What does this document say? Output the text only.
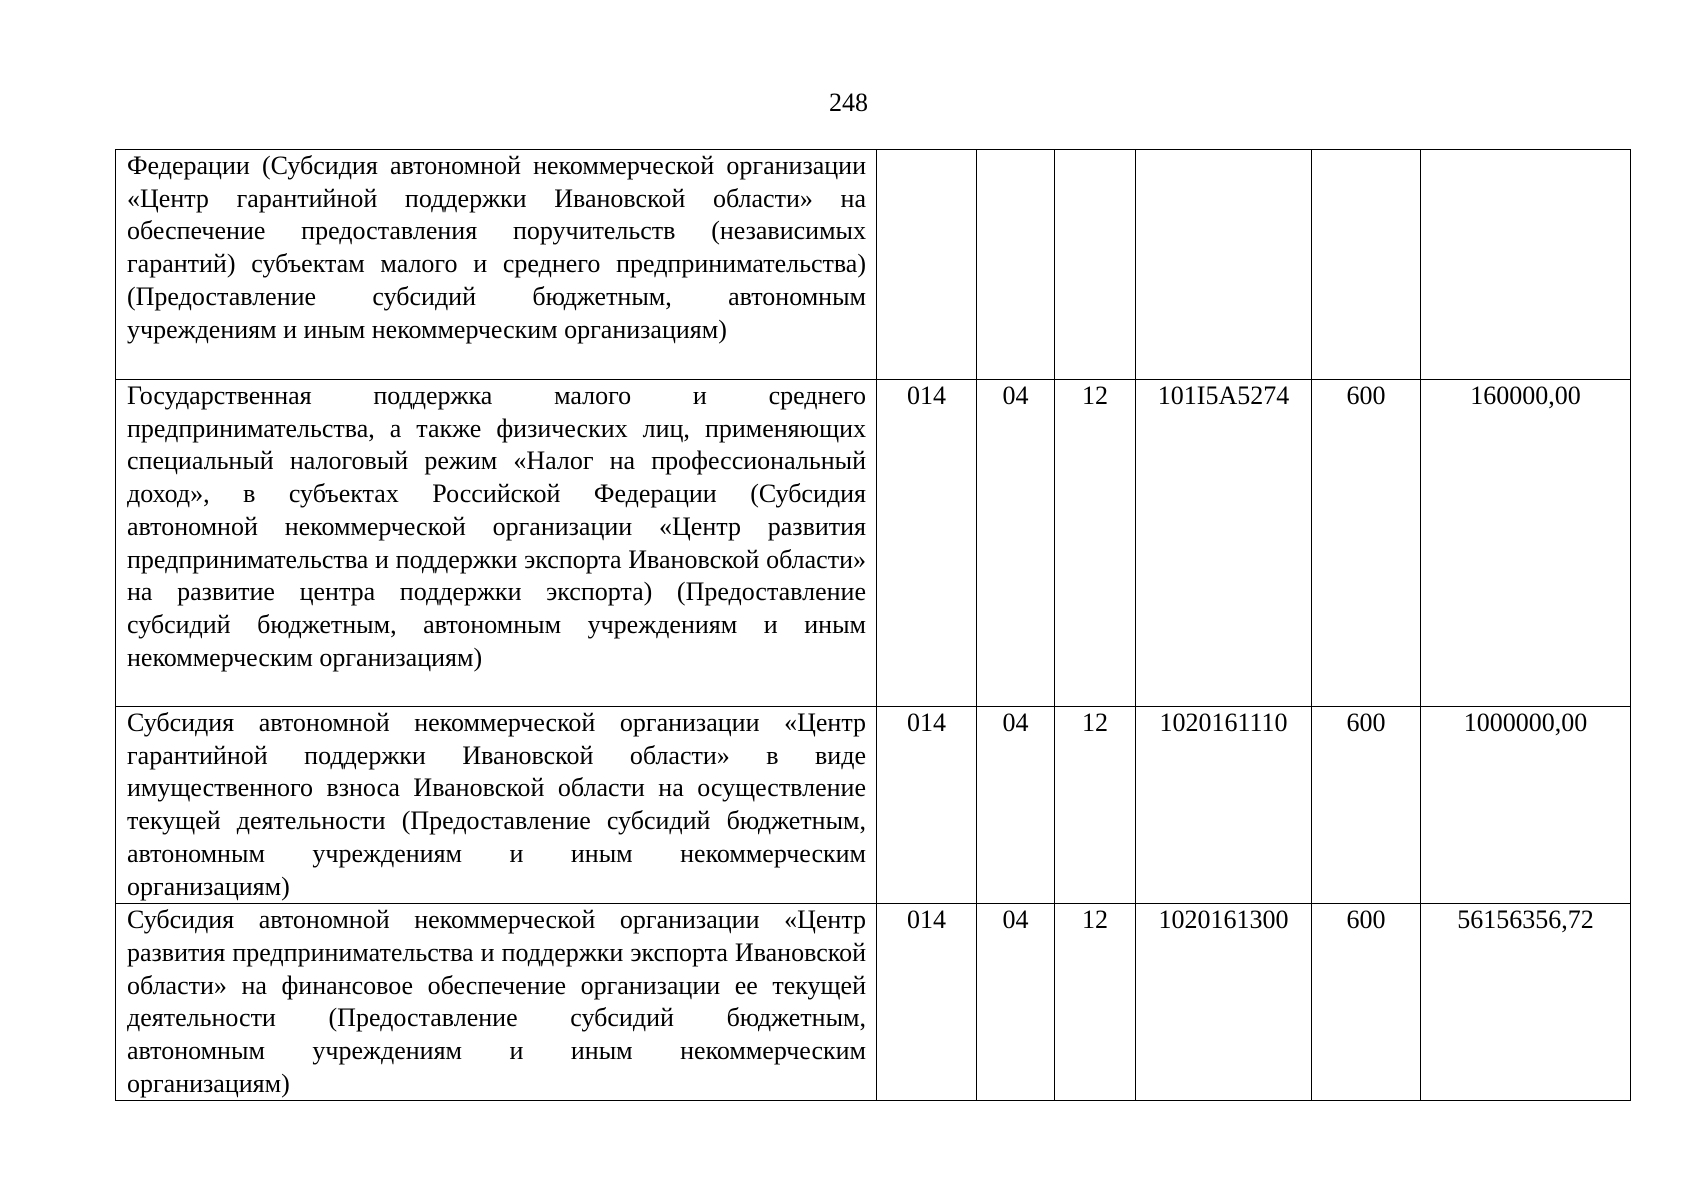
248
Федерации (Субсидия автономной некоммерческой организации «Центр гарантийной поддержки Ивановской области» на обеспечение предоставления поручительств (независимых гарантий) субъектам малого и среднего предпринимательства) (Предоставление субсидий бюджетным, автономным учреждениям и иным некоммерческим организациям)						
Государственная поддержка малого и среднего предпринимательства, а также физических лиц, применяющих специальный налоговый режим «Налог на профессиональный доход», в субъектах Российской Федерации (Субсидия автономной некоммерческой организации «Центр развития предпринимательства и поддержки экспорта Ивановской области» на развитие центра поддержки экспорта) (Предоставление субсидий бюджетным, автономным учреждениям и иным некоммерческим организациям)	014	04	12	101I5A5274	600	160000,00
Субсидия автономной некоммерческой организации «Центр гарантийной поддержки Ивановской области» в виде имущественного взноса Ивановской области на осуществление текущей деятельности (Предоставление субсидий бюджетным, автономным учреждениям и иным некоммерческим организациям)	014	04	12	1020161110	600	1000000,00
Субсидия автономной некоммерческой организации «Центр развития предпринимательства и поддержки экспорта Ивановской области» на финансовое обеспечение организации ее текущей деятельности (Предоставление субсидий бюджетным, автономным учреждениям и иным некоммерческим организациям)	014	04	12	1020161300	600	56156356,72
